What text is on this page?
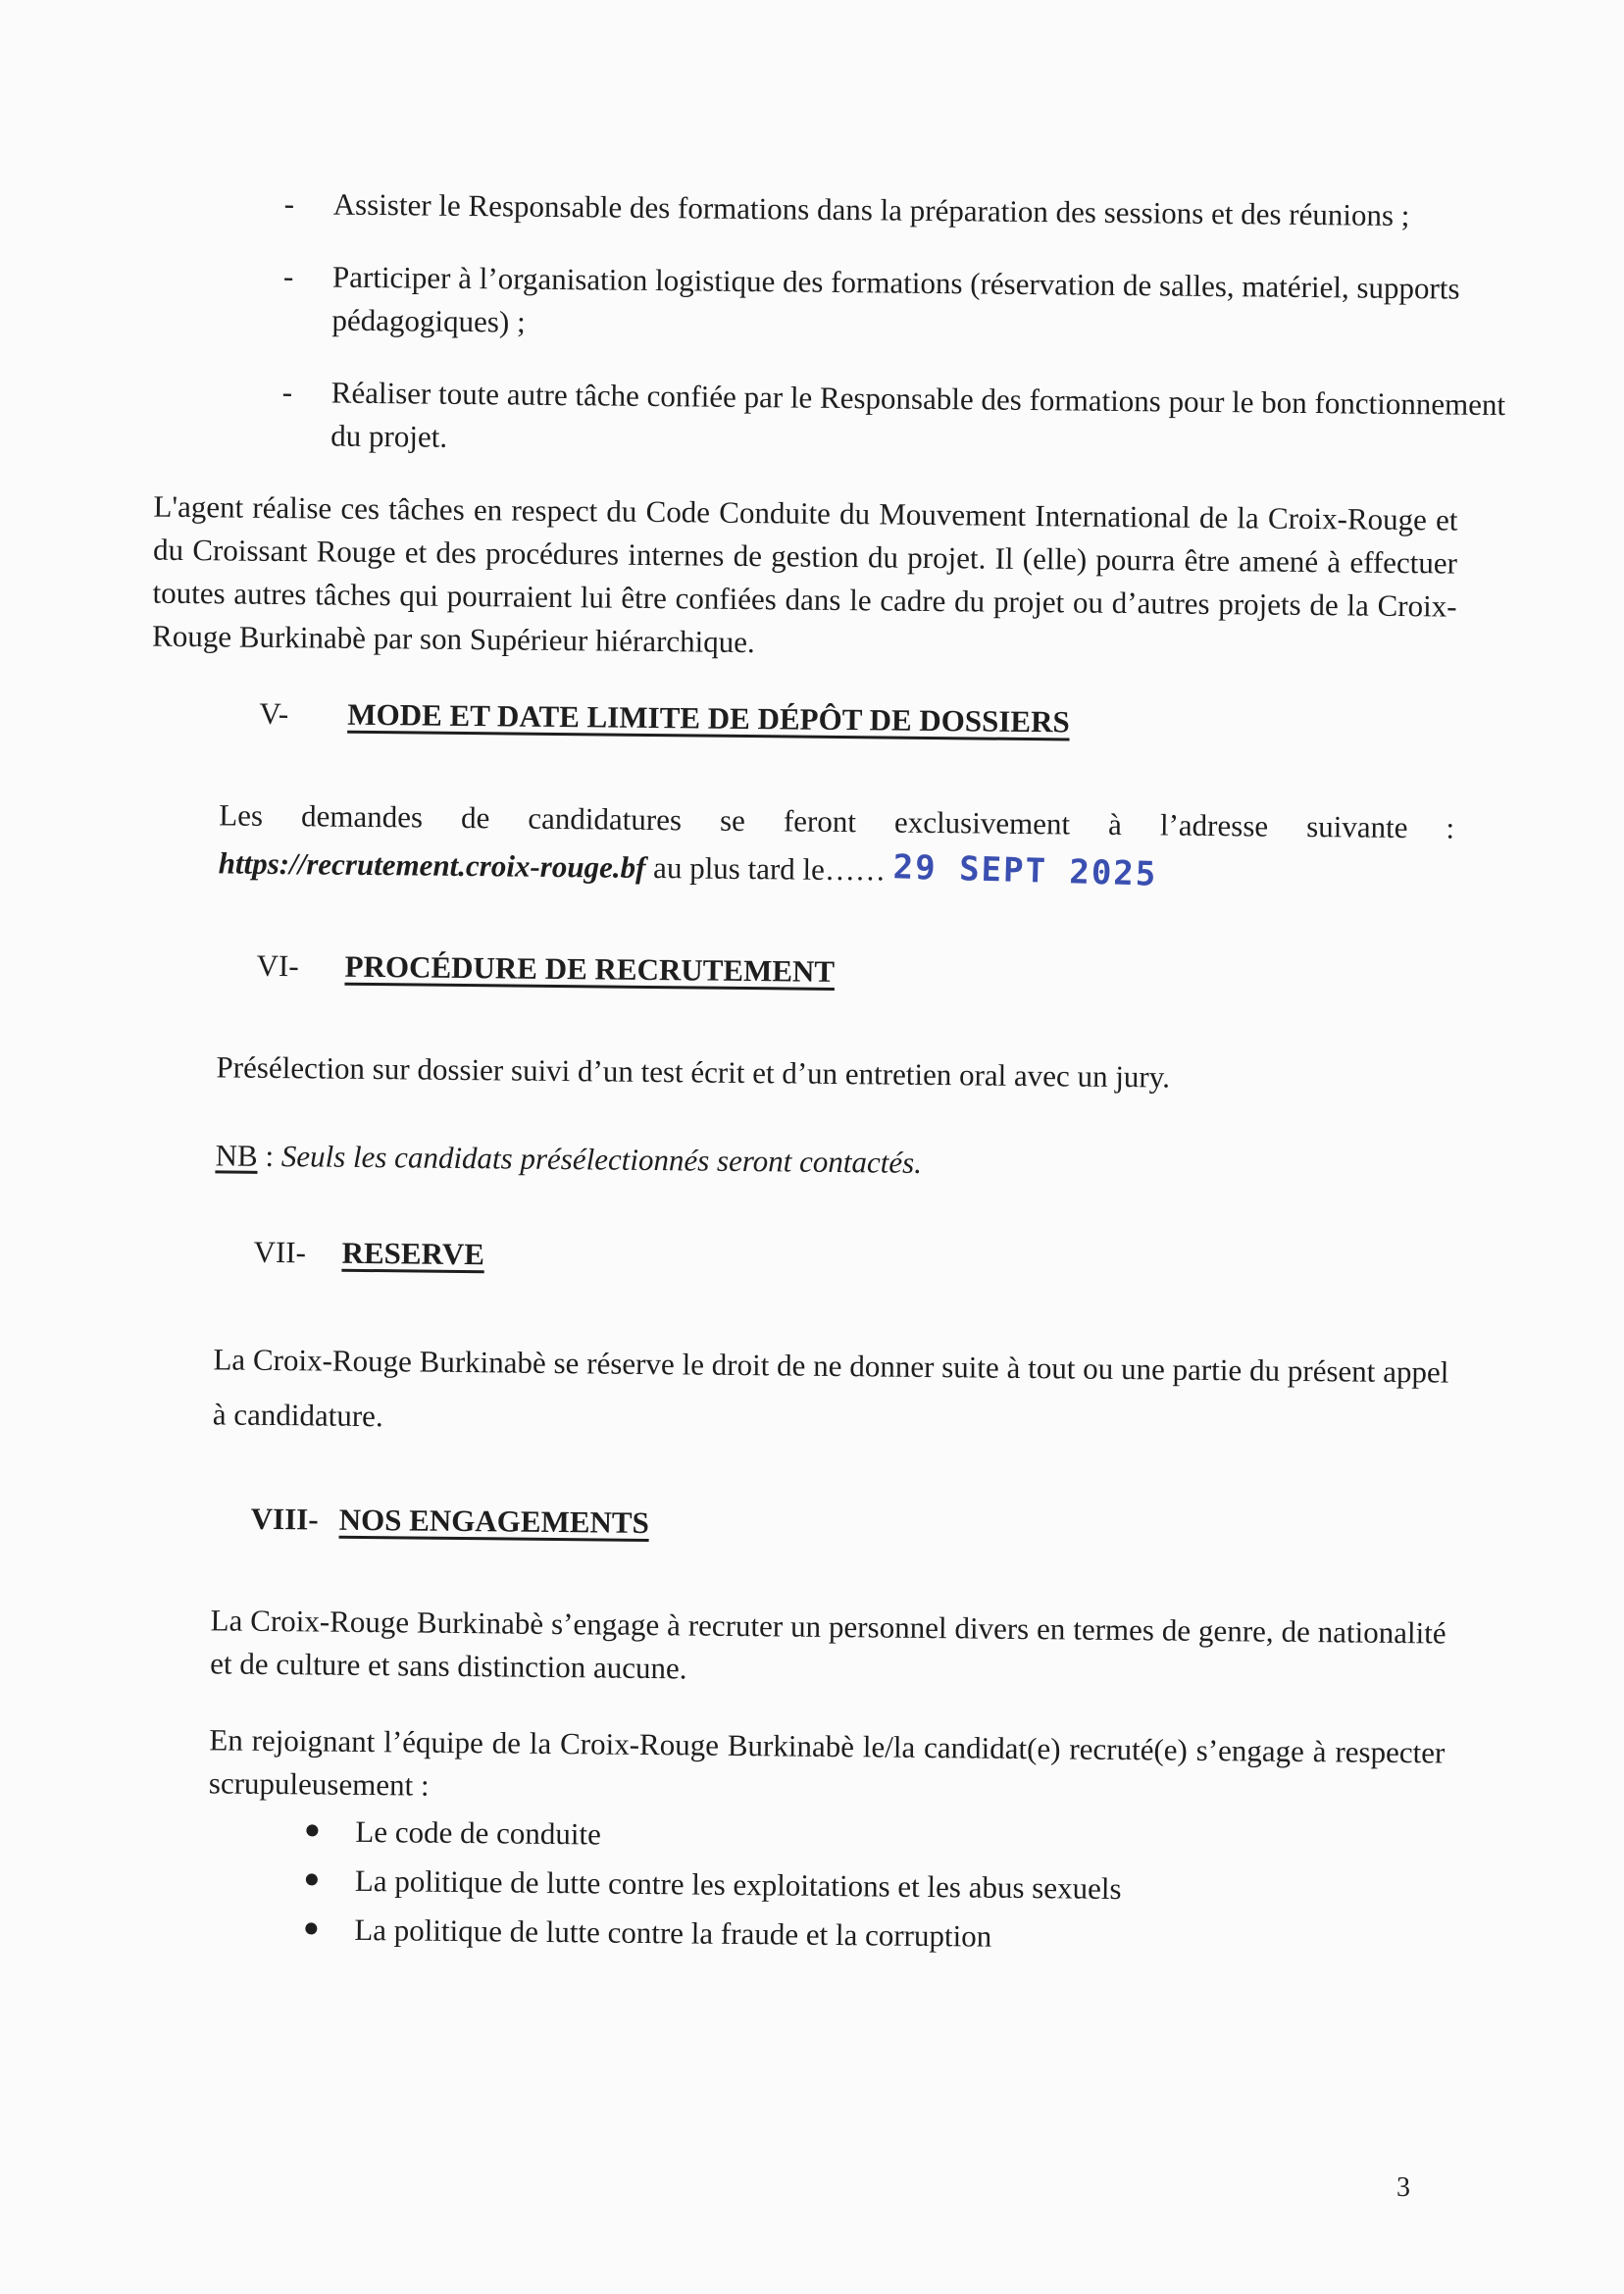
- Assister le Responsable des formations dans la préparation des sessions et des réunions ;
- Participer à l’organisation logistique des formations (réservation de salles, matériel, supports pédagogiques) ;
- Réaliser toute autre tâche confiée par le Responsable des formations pour le bon fonctionnement du projet.

L'agent réalise ces tâches en respect du Code Conduite du Mouvement International de la Croix-Rouge et du Croissant Rouge et des procédures internes de gestion du projet. Il (elle) pourra être amené à effectuer toutes autres tâches qui pourraient lui être confiées dans le cadre du projet ou d’autres projets de la Croix-Rouge Burkinabè par son Supérieur hiérarchique.

V- MODE ET DATE LIMITE DE DÉPÔT DE DOSSIERS

Les demandes de candidatures se feront exclusivement à l’adresse suivante :

https://recrutement.croix-rouge.bf au plus tard le…… 29 SEPT 2025

VI- PROCÉDURE DE RECRUTEMENT

Présélection sur dossier suivi d’un test écrit et d’un entretien oral avec un jury.

NB : Seuls les candidats présélectionnés seront contactés.

VII- RESERVE

La Croix-Rouge Burkinabè se réserve le droit de ne donner suite à tout ou une partie du présent appel à candidature.

VIII- NOS ENGAGEMENTS

La Croix-Rouge Burkinabè s’engage à recruter un personnel divers en termes de genre, de nationalité et de culture et sans distinction aucune.

En rejoignant l’équipe de la Croix-Rouge Burkinabè le/la candidat(e) recruté(e) s’engage à respecter scrupuleusement :

Le code de conduite
La politique de lutte contre les exploitations et les abus sexuels
La politique de lutte contre la fraude et la corruption
3
